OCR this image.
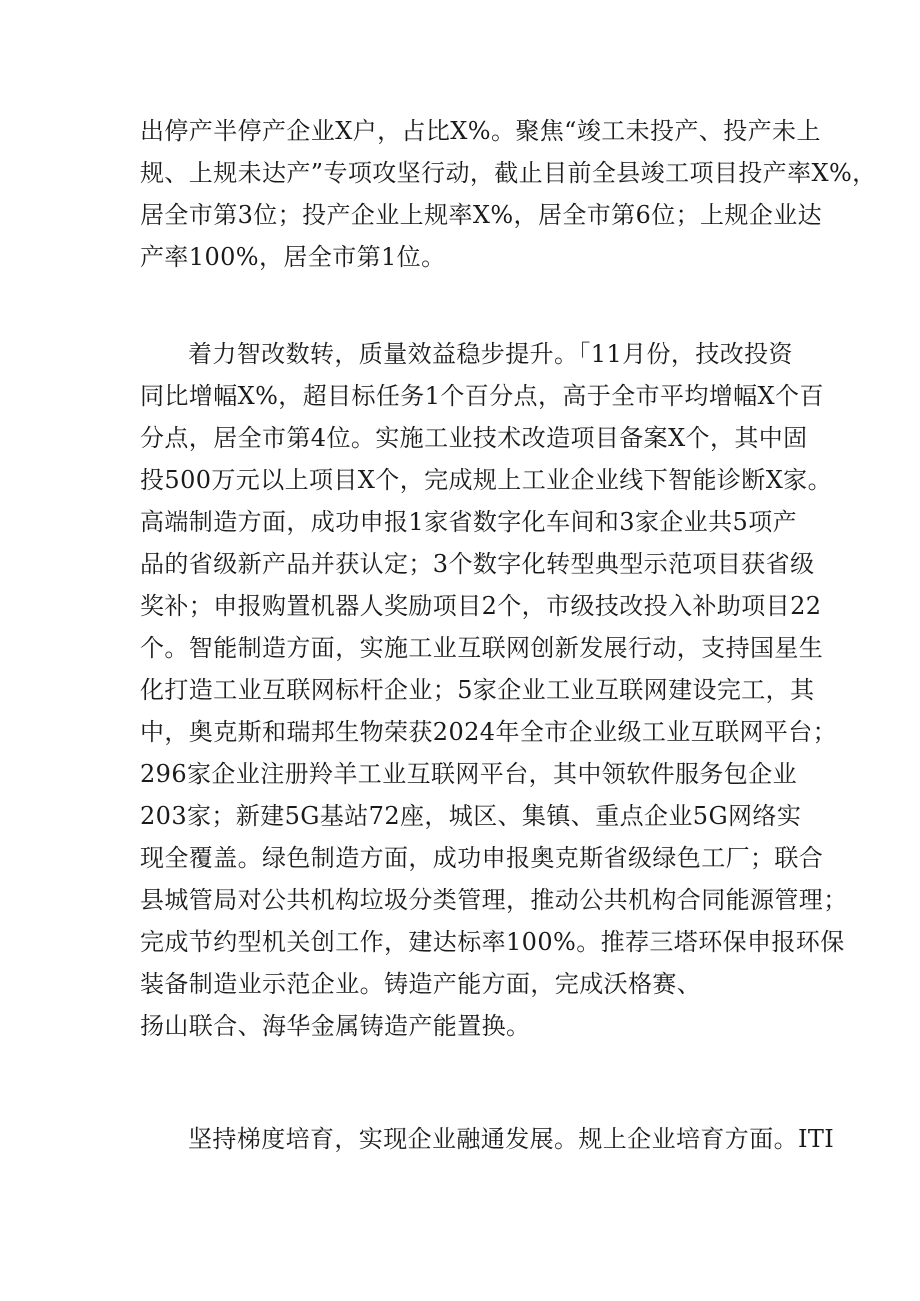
出停产半停产企业X户，占比X%。聚焦“竣工未投产、投产未上
规、上规未达产”专项攻坚行动，截止目前全县竣工项目投产率X%，
居全市第3位；投产企业上规率X%，居全市第6位；上规企业达
产率100%，居全市第1位。
着力智改数转，质量效益稳步提升。「11月份，技改投资
同比增幅X%，超目标任务1个百分点，高于全市平均增幅X个百
分点，居全市第4位。实施工业技术改造项目备案X个，其中固
投500万元以上项目X个，完成规上工业企业线下智能诊断X家。
高端制造方面，成功申报1家省数字化车间和3家企业共5项产
品的省级新产品并获认定；3个数字化转型典型示范项目获省级
奖补；申报购置机器人奖励项目2个，市级技改投入补助项目22
个。智能制造方面，实施工业互联网创新发展行动，支持国星生
化打造工业互联网标杆企业；5家企业工业互联网建设完工，其
中，奥克斯和瑞邦生物荣获2024年全市企业级工业互联网平台；
296家企业注册羚羊工业互联网平台，其中领软件服务包企业
203家；新建5G基站72座，城区、集镇、重点企业5G网络实
现全覆盖。绿色制造方面，成功申报奥克斯省级绿色工厂；联合
县城管局对公共机构垃圾分类管理，推动公共机构合同能源管理；
完成节约型机关创工作，建达标率100%。推荐三塔环保申报环保
装备制造业示范企业。铸造产能方面，完成沃格赛、
扬山联合、海华金属铸造产能置换。
坚持梯度培育，实现企业融通发展。规上企业培育方面。ITI
